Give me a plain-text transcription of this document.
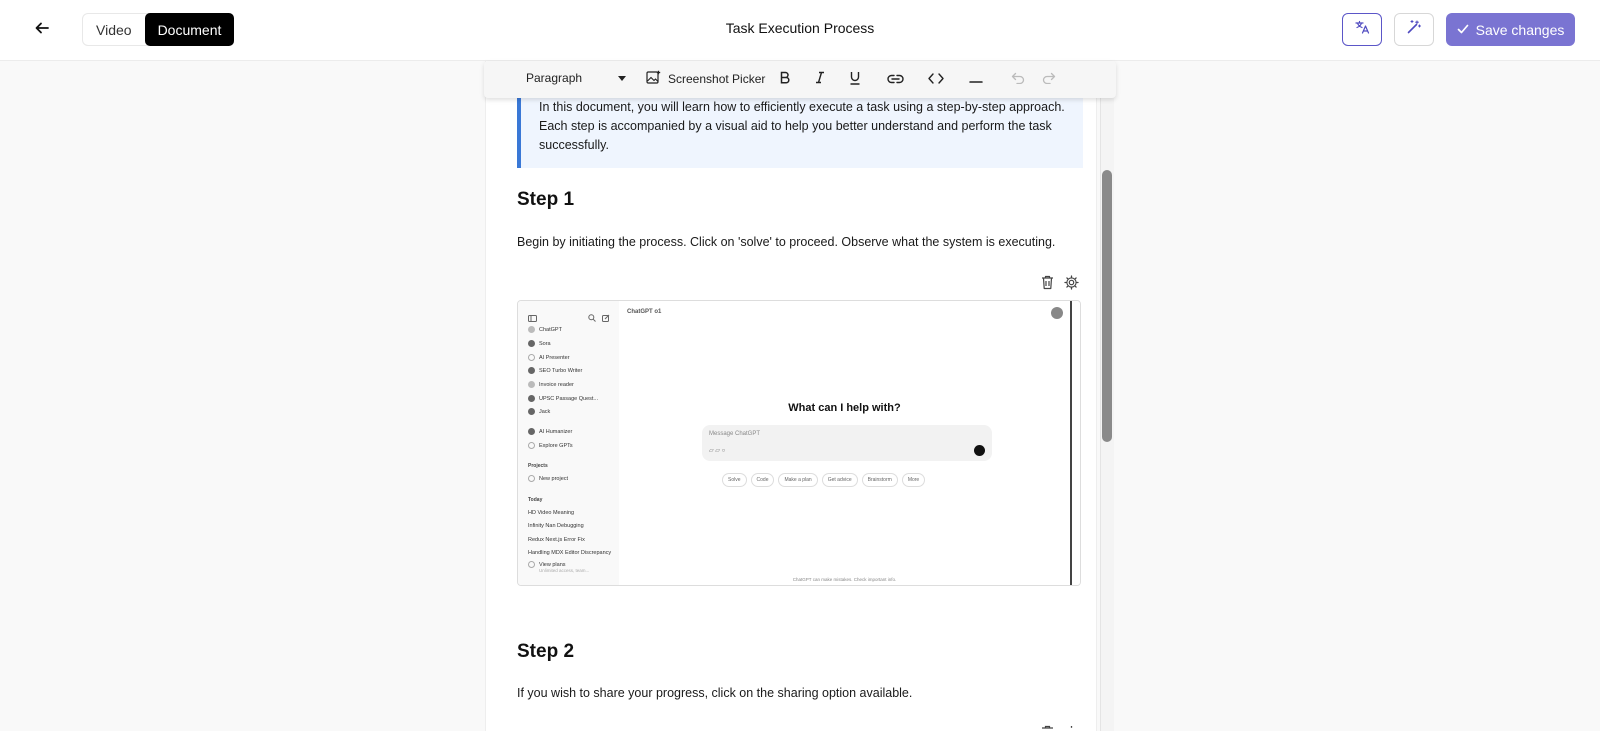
Video	Document	Task Execution Process	Save changes
Paragraph	Screenshot Picker

In this document, you will learn how to efficiently execute a task using a step-by-step approach. Each step is accompanied by a visual aid to help you better understand and perform the task successfully.

Step 1
Begin by initiating the process. Click on 'solve' to proceed. Observe what the system is executing.
ChatGPT
Sora
AI Presenter
SEO Turbo Writer
Invoice reader
UPSC Passage Quest...
Jack
AI Humanizer
Explore GPTs
Projects
New project
Today
HD Video Meaning
Infinity Nan Debugging
Redux Next.js Error Fix
Handling MDX Editor Discrepancy
View plans
Unlimited access, team...
ChatGPT o1
What can I help with?
Message ChatGPT
▱ ▱ ○
Solve	Code	Make a plan	Get advice	Brainstorm	More
ChatGPT can make mistakes. Check important info.
Step 2
If you wish to share your progress, click on the sharing option available.
